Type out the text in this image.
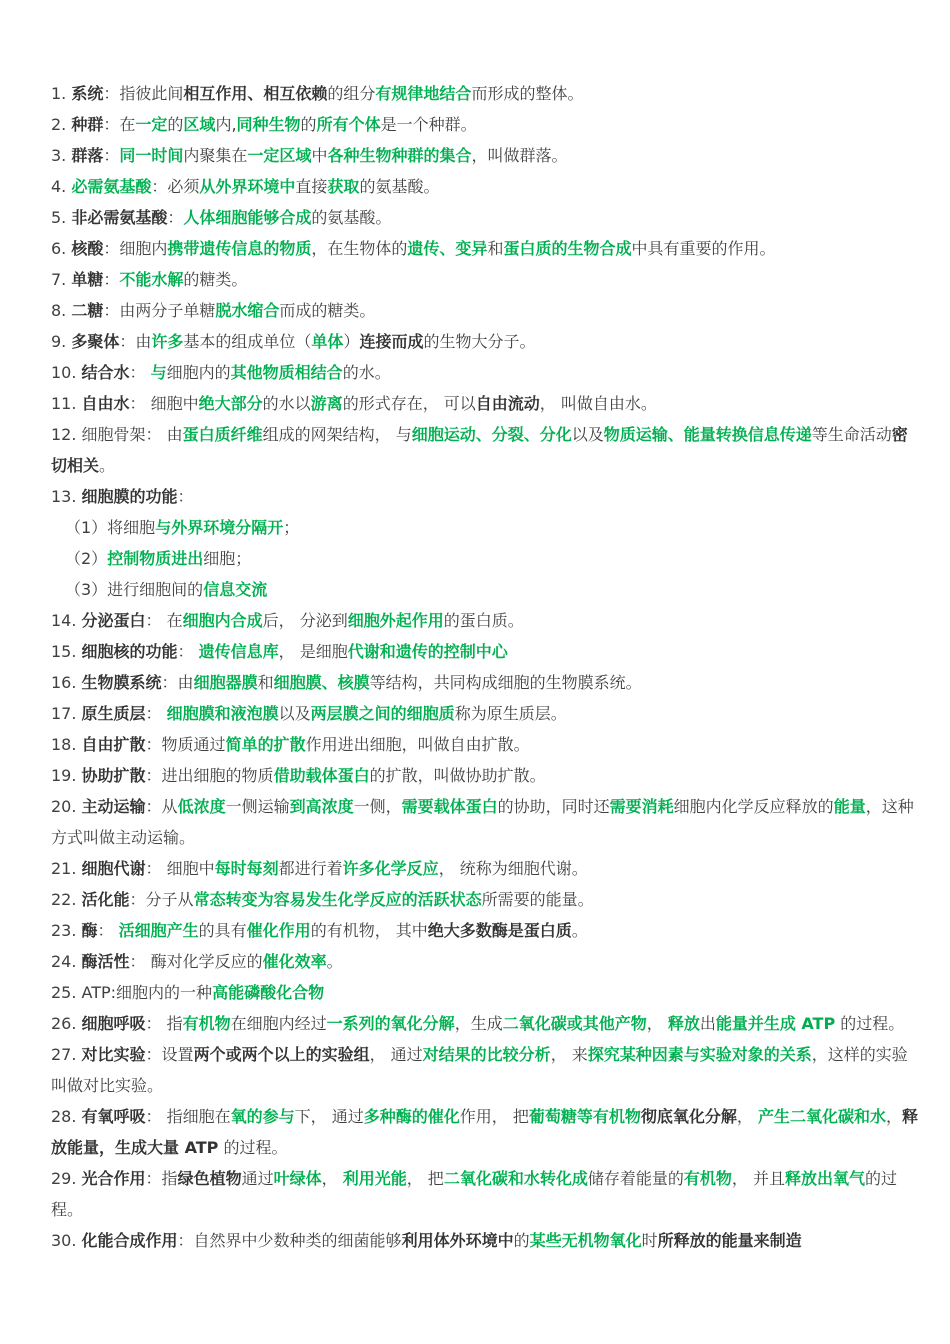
1. 系统：指彼此间相互作用、相互依赖的组分有规律地结合而形成的整体。

2. 种群：在一定的区域内,同种生物的所有个体是一个种群。

3. 群落：同一时间内聚集在一定区域中各种生物种群的集合，叫做群落。

4. 必需氨基酸：必须从外界环境中直接获取的氨基酸。

5. 非必需氨基酸：人体细胞能够合成的氨基酸。

6. 核酸：细胞内携带遗传信息的物质，在生物体的遗传、变异和蛋白质的生物合成中具有重要的作用。

7. 单糖：不能水解的糖类。

8. 二糖：由两分子单糖脱水缩合而成的糖类。

9. 多聚体：由许多基本的组成单位（单体）连接而成的生物大分子。

10. 结合水： 与细胞内的其他物质相结合的水。

11. 自由水： 细胞中绝大部分的水以游离的形式存在， 可以自由流动， 叫做自由水。

12. 细胞骨架： 由蛋白质纤维组成的网架结构， 与细胞运动、分裂、分化以及物质运输、能量转换信息传递等生命活动密切相关。

13. 细胞膜的功能：

（1）将细胞与外界环境分隔开；

（2）控制物质进出细胞；

（3）进行细胞间的信息交流

14. 分泌蛋白： 在细胞内合成后， 分泌到细胞外起作用的蛋白质。

15. 细胞核的功能： 遗传信息库， 是细胞代谢和遗传的控制中心

16. 生物膜系统：由细胞器膜和细胞膜、核膜等结构，共同构成细胞的生物膜系统。

17. 原生质层： 细胞膜和液泡膜以及两层膜之间的细胞质称为原生质层。

18. 自由扩散：物质通过简单的扩散作用进出细胞，叫做自由扩散。

19. 协助扩散：进出细胞的物质借助载体蛋白的扩散，叫做协助扩散。

20. 主动运输：从低浓度一侧运输到高浓度一侧，需要载体蛋白的协助，同时还需要消耗细胞内化学反应释放的能量，这种方式叫做主动运输。

21. 细胞代谢： 细胞中每时每刻都进行着许多化学反应， 统称为细胞代谢。

22. 活化能：分子从常态转变为容易发生化学反应的活跃状态所需要的能量。

23. 酶： 活细胞产生的具有催化作用的有机物， 其中绝大多数酶是蛋白质。

24. 酶活性： 酶对化学反应的催化效率。

25. ATP:细胞内的一种高能磷酸化合物

26. 细胞呼吸： 指有机物在细胞内经过一系列的氧化分解，生成二氧化碳或其他产物， 释放出能量并生成 ATP 的过程。

27. 对比实验：设置两个或两个以上的实验组， 通过对结果的比较分析， 来探究某种因素与实验对象的关系，这样的实验叫做对比实验。

28. 有氧呼吸： 指细胞在氧的参与下， 通过多种酶的催化作用， 把葡萄糖等有机物彻底氧化分解， 产生二氧化碳和水，释放能量，生成大量 ATP 的过程。

29. 光合作用：指绿色植物通过叶绿体， 利用光能， 把二氧化碳和水转化成储存着能量的有机物， 并且释放出氧气的过程。

30. 化能合成作用：自然界中少数种类的细菌能够利用体外环境中的某些无机物氧化时所释放的能量来制造
